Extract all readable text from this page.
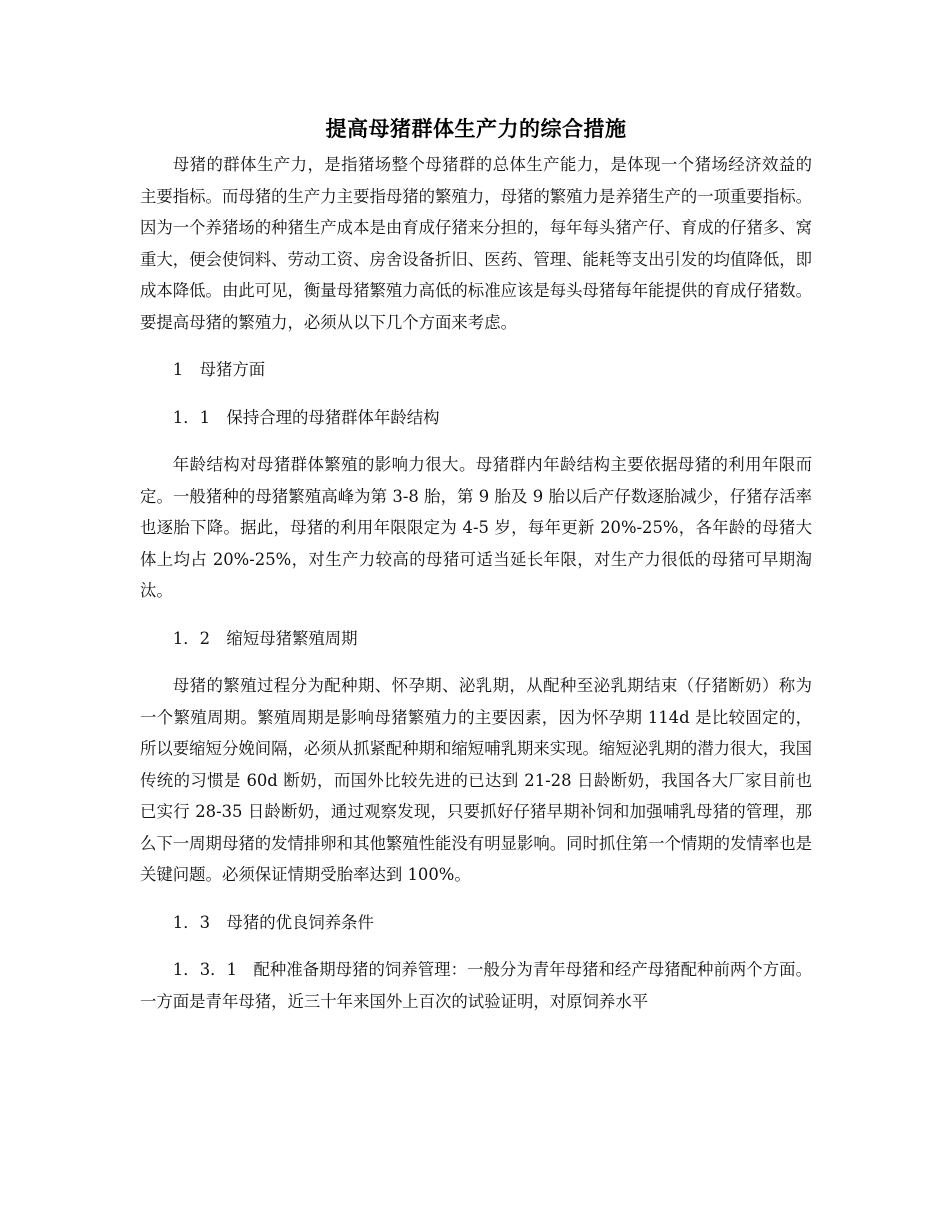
提高母猪群体生产力的综合措施

母猪的群体生产力，是指猪场整个母猪群的总体生产能力，是体现一个猪场经济效益的主要指标。而母猪的生产力主要指母猪的繁殖力，母猪的繁殖力是养猪生产的一项重要指标。因为一个养猪场的种猪生产成本是由育成仔猪来分担的，每年每头猪产仔、育成的仔猪多、窝重大，便会使饲料、劳动工资、房舍设备折旧、医药、管理、能耗等支出引发的均值降低，即成本降低。由此可见，衡量母猪繁殖力高低的标准应该是每头母猪每年能提供的育成仔猪数。要提高母猪的繁殖力，必须从以下几个方面来考虑。

1　母猪方面

1．1　保持合理的母猪群体年龄结构

年龄结构对母猪群体繁殖的影响力很大。母猪群内年龄结构主要依据母猪的利用年限而定。一般猪种的母猪繁殖高峰为第 3-8 胎，第 9 胎及 9 胎以后产仔数逐胎减少，仔猪存活率也逐胎下降。据此，母猪的利用年限限定为 4-5 岁，每年更新 20%-25%，各年龄的母猪大体上均占 20%-25%，对生产力较高的母猪可适当延长年限，对生产力很低的母猪可早期淘汰。

1．2　缩短母猪繁殖周期

母猪的繁殖过程分为配种期、怀孕期、泌乳期，从配种至泌乳期结束（仔猪断奶）称为一个繁殖周期。繁殖周期是影响母猪繁殖力的主要因素，因为怀孕期 114d 是比较固定的，所以要缩短分娩间隔，必须从抓紧配种期和缩短哺乳期来实现。缩短泌乳期的潜力很大，我国传统的习惯是 60d 断奶，而国外比较先进的已达到 21-28 日龄断奶，我国各大厂家目前也已实行 28-35 日龄断奶，通过观察发现，只要抓好仔猪早期补饲和加强哺乳母猪的管理，那么下一周期母猪的发情排卵和其他繁殖性能没有明显影响。同时抓住第一个情期的发情率也是关键问题。必须保证情期受胎率达到 100%。

1．3　母猪的优良饲养条件

1．3．1　配种准备期母猪的饲养管理：一般分为青年母猪和经产母猪配种前两个方面。一方面是青年母猪，近三十年来国外上百次的试验证明，对原饲养水平
